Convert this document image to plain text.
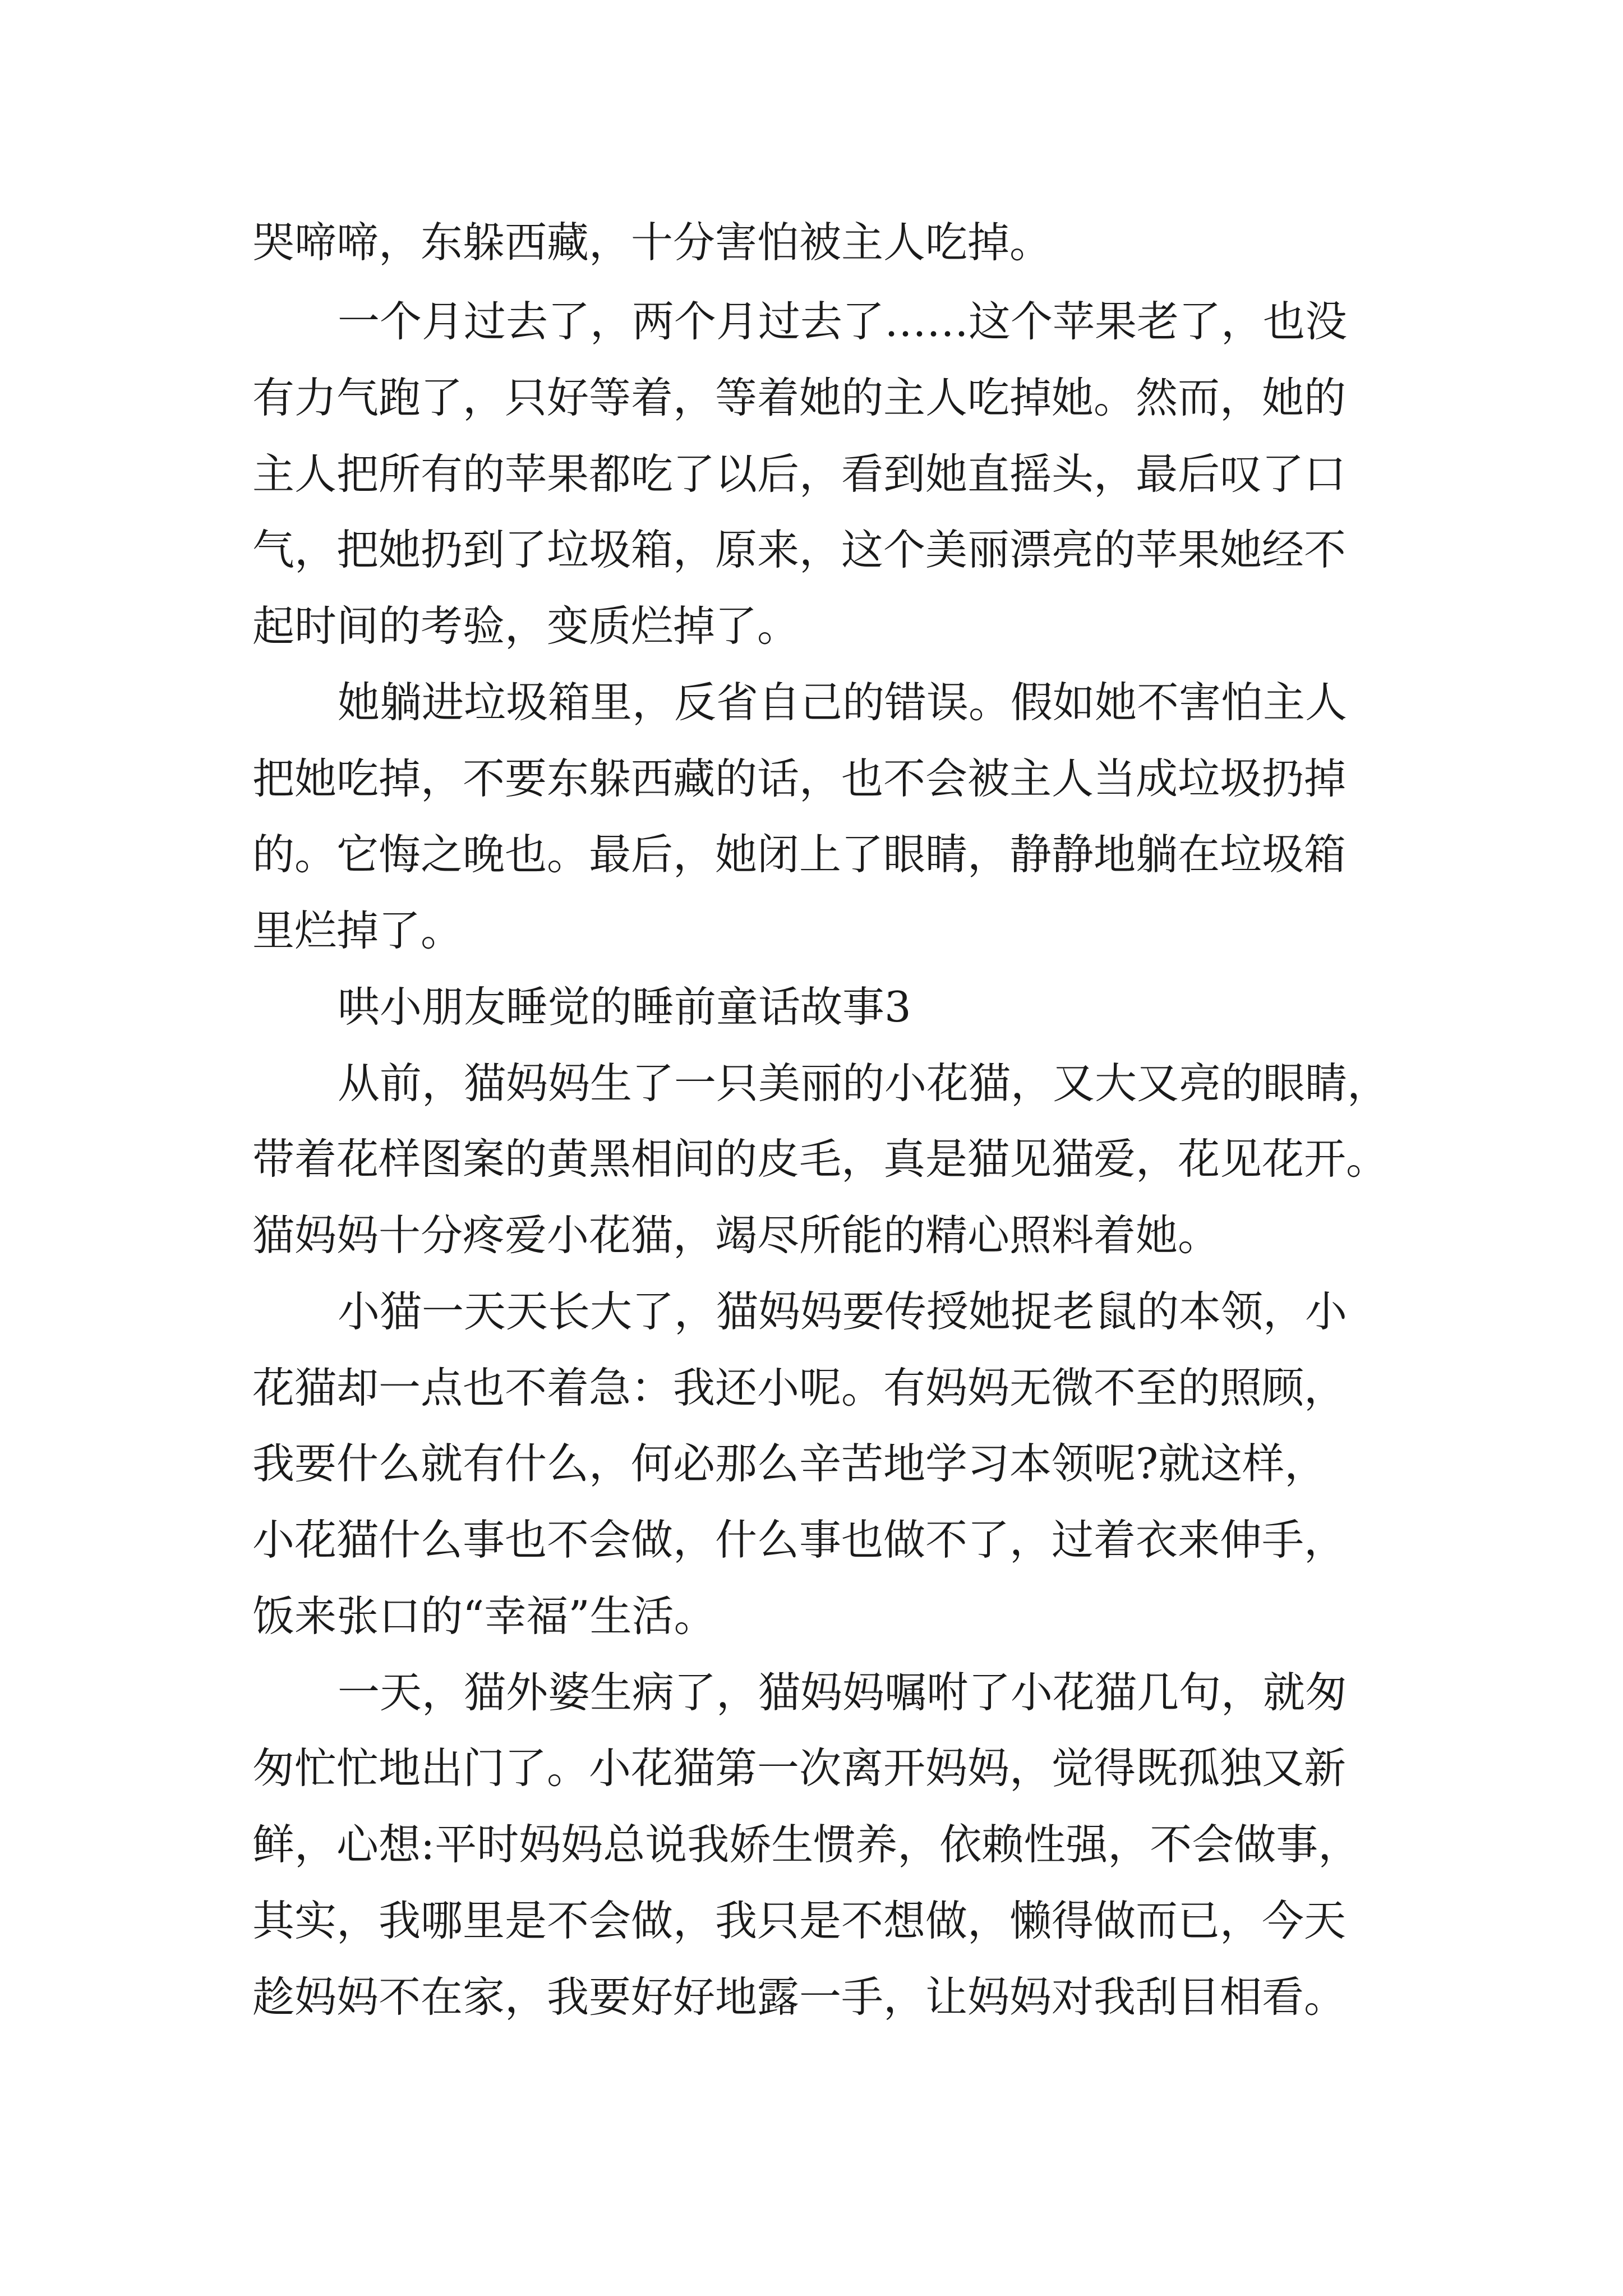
哭啼啼，东躲西藏，十分害怕被主人吃掉。

一个月过去了，两个月过去了……这个苹果老了，也没

有力气跑了，只好等着，等着她的主人吃掉她。然而，她的

主人把所有的苹果都吃了以后，看到她直摇头，最后叹了口

气，把她扔到了垃圾箱，原来，这个美丽漂亮的苹果她经不

起时间的考验，变质烂掉了。

她躺进垃圾箱里，反省自己的错误。假如她不害怕主人

把她吃掉，不要东躲西藏的话，也不会被主人当成垃圾扔掉

的。它悔之晚也。最后，她闭上了眼睛，静静地躺在垃圾箱

里烂掉了。

哄小朋友睡觉的睡前童话故事3

从前，猫妈妈生了一只美丽的小花猫，又大又亮的眼睛，

带着花样图案的黄黑相间的皮毛，真是猫见猫爱，花见花开。

猫妈妈十分疼爱小花猫，竭尽所能的精心照料着她。

小猫一天天长大了，猫妈妈要传授她捉老鼠的本领，小

花猫却一点也不着急：我还小呢。有妈妈无微不至的照顾，

我要什么就有什么，何必那么辛苦地学习本领呢?就这样，

小花猫什么事也不会做，什么事也做不了，过着衣来伸手，

饭来张口的“幸福”生活。

一天，猫外婆生病了，猫妈妈嘱咐了小花猫几句，就匆

匆忙忙地出门了。小花猫第一次离开妈妈，觉得既孤独又新

鲜，心想:平时妈妈总说我娇生惯养，依赖性强，不会做事，

其实，我哪里是不会做，我只是不想做，懒得做而已，今天

趁妈妈不在家，我要好好地露一手，让妈妈对我刮目相看。
